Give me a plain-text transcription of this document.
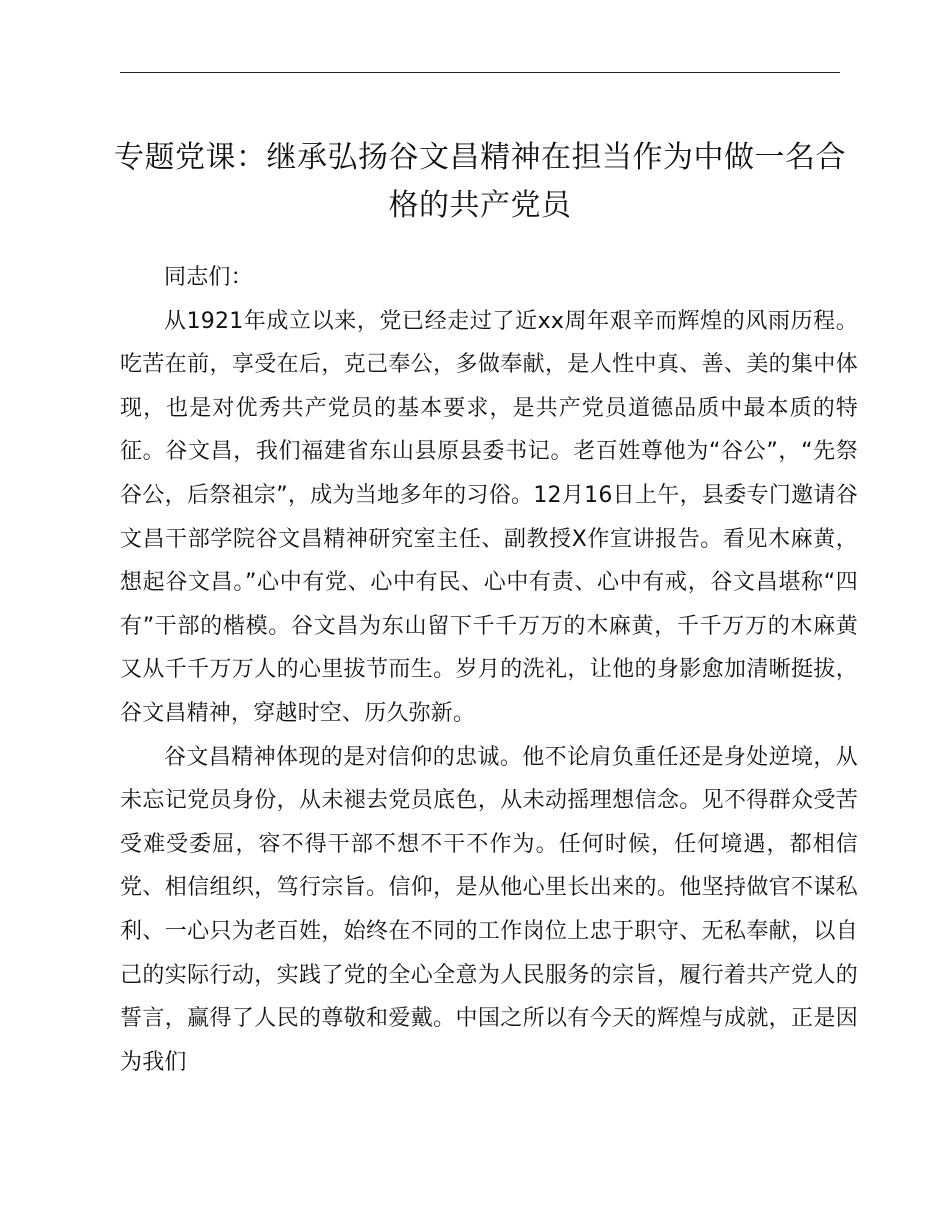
专题党课：继承弘扬谷文昌精神在担当作为中做一名合格的共产党员

同志们：

从1921年成立以来，党已经走过了近xx周年艰辛而辉煌的风雨历程。吃苦在前，享受在后，克己奉公，多做奉献，是人性中真、善、美的集中体现，也是对优秀共产党员的基本要求，是共产党员道德品质中最本质的特征。谷文昌，我们福建省东山县原县委书记。老百姓尊他为“谷公”，“先祭谷公，后祭祖宗”，成为当地多年的习俗。12月16日上午，县委专门邀请谷文昌干部学院谷文昌精神研究室主任、副教授X作宣讲报告。看见木麻黄，想起谷文昌。”心中有党、心中有民、心中有责、心中有戒，谷文昌堪称“四有”干部的楷模。谷文昌为东山留下千千万万的木麻黄，千千万万的木麻黄又从千千万万人的心里拔节而生。岁月的洗礼，让他的身影愈加清晰挺拔，谷文昌精神，穿越时空、历久弥新。

谷文昌精神体现的是对信仰的忠诚。他不论肩负重任还是身处逆境，从未忘记党员身份，从未褪去党员底色，从未动摇理想信念。见不得群众受苦受难受委屈，容不得干部不想不干不作为。任何时候，任何境遇，都相信党、相信组织，笃行宗旨。信仰，是从他心里长出来的。他坚持做官不谋私利、一心只为老百姓，始终在不同的工作岗位上忠于职守、无私奉献，以自己的实际行动，实践了党的全心全意为人民服务的宗旨，履行着共产党人的誓言，赢得了人民的尊敬和爱戴。中国之所以有今天的辉煌与成就，正是因为我们
